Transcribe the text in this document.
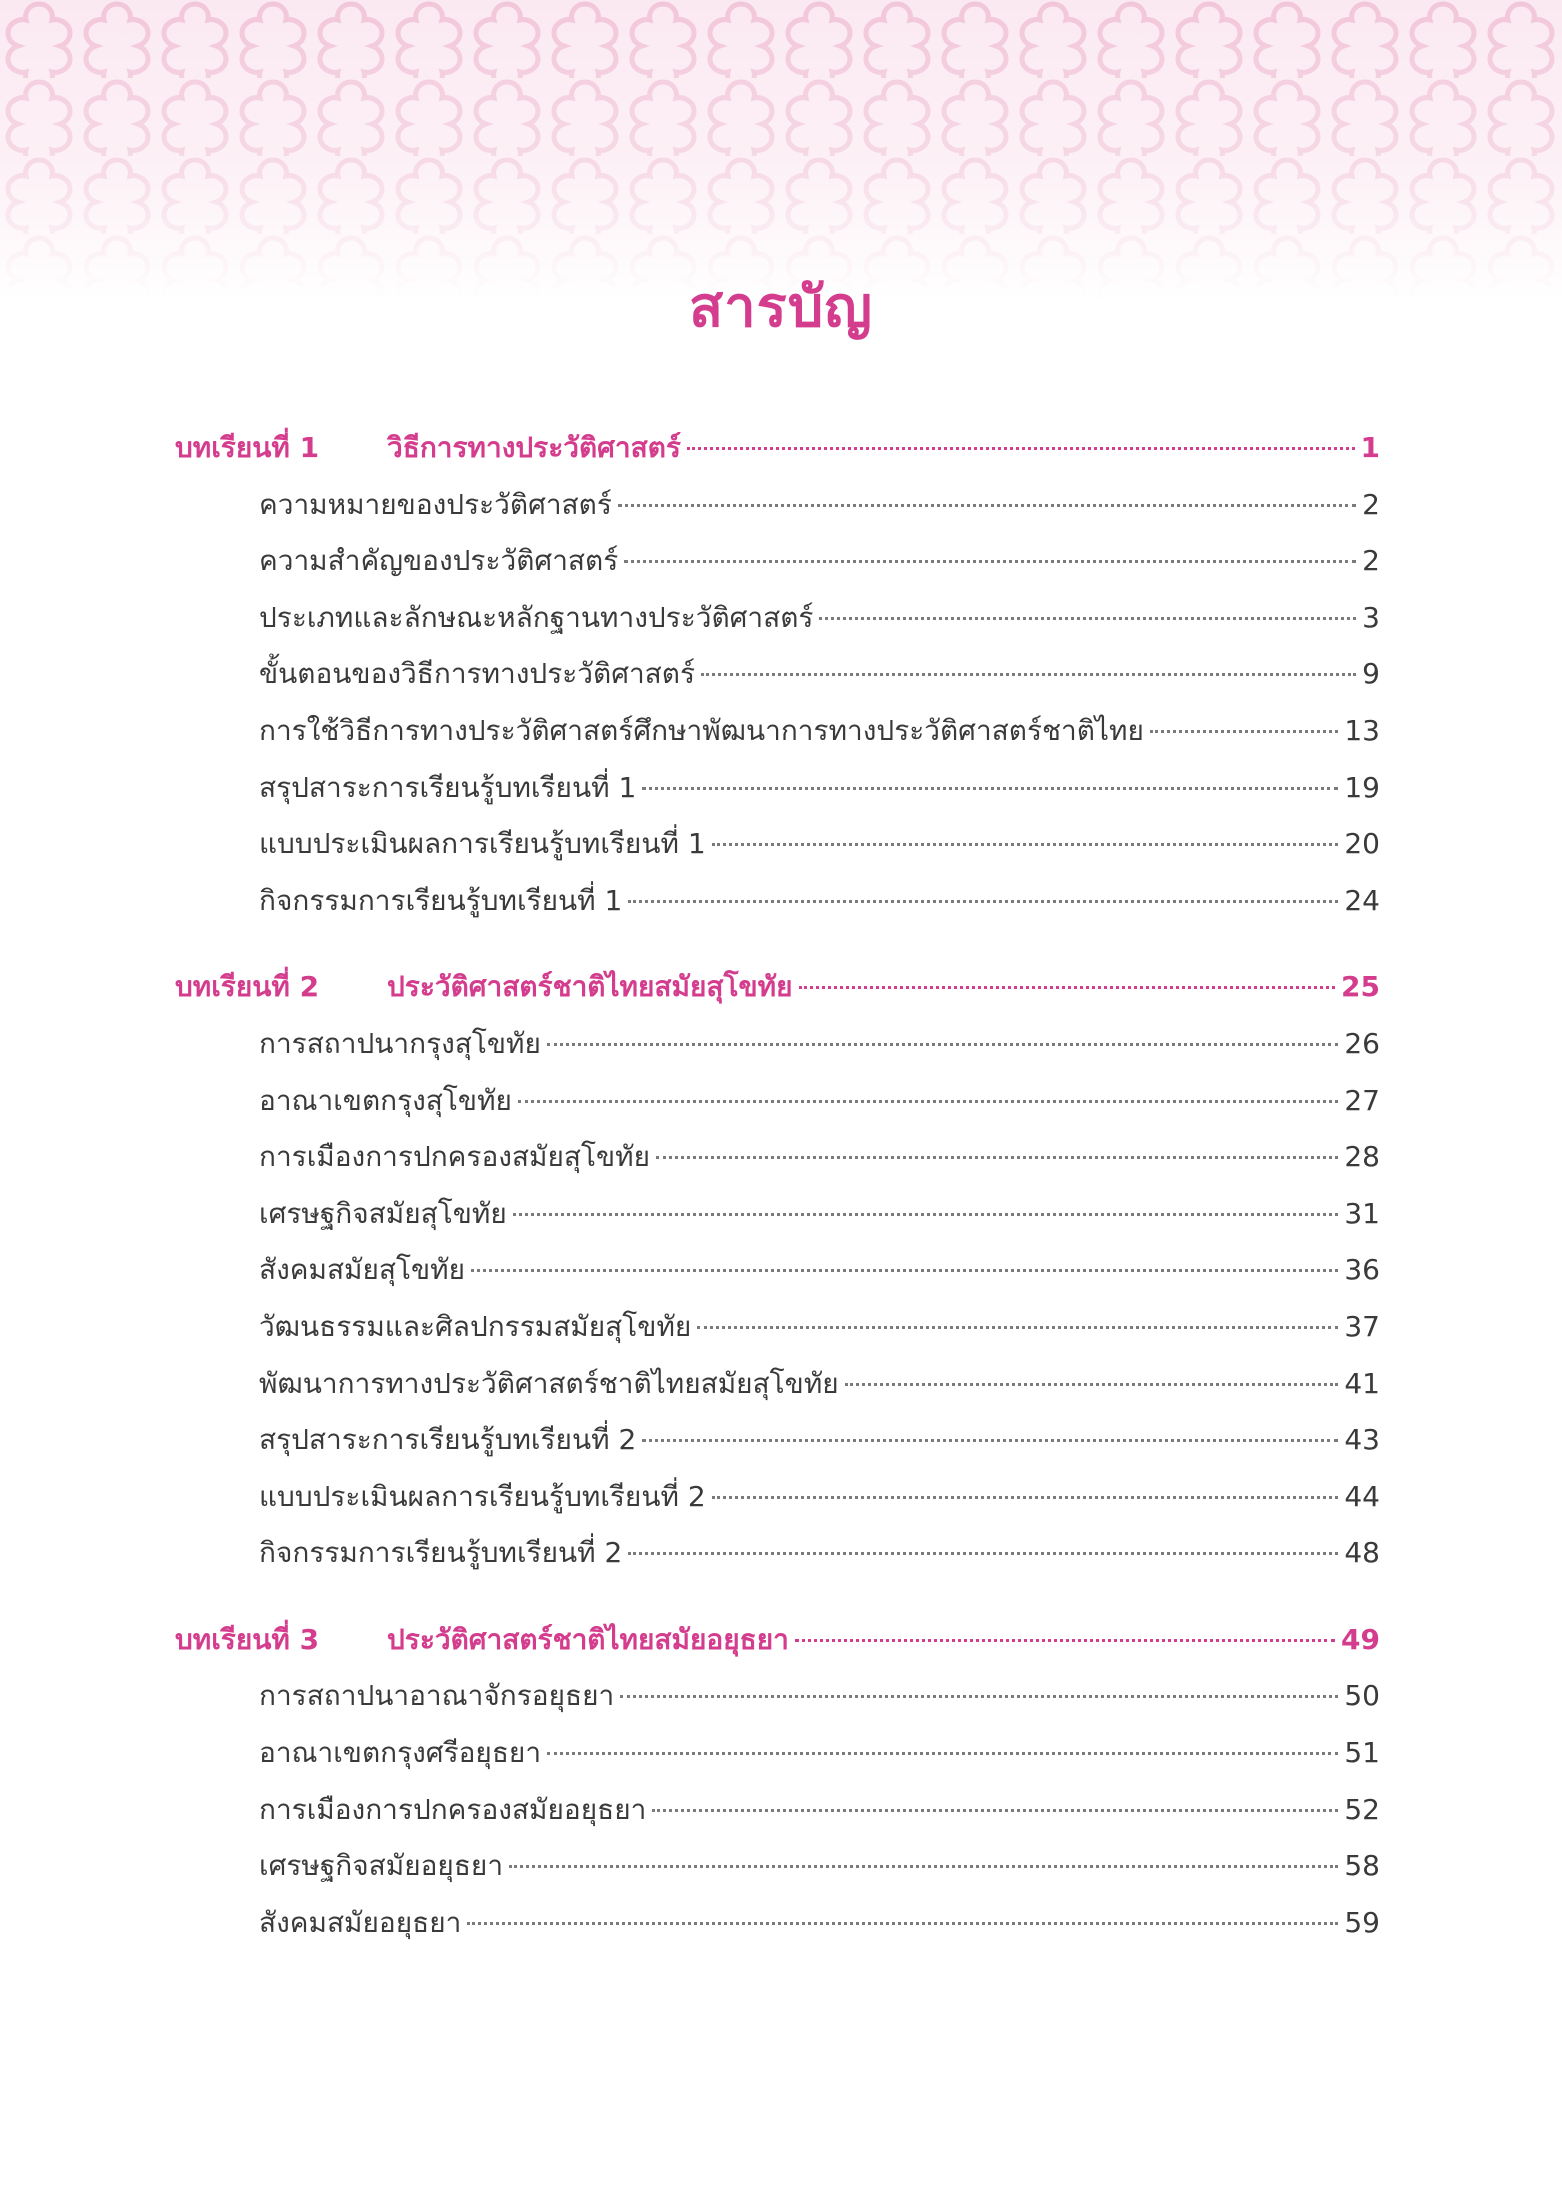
สารบัญ
บทเรียนที่ 1	วิธีการทางประวัติศาสตร์	1
ความหมายของประวัติศาสตร์	2
ความสำคัญของประวัติศาสตร์	2
ประเภทและลักษณะหลักฐานทางประวัติศาสตร์	3
ขั้นตอนของวิธีการทางประวัติศาสตร์	9
การใช้วิธีการทางประวัติศาสตร์ศึกษาพัฒนาการทางประวัติศาสตร์ชาติไทย	13
สรุปสาระการเรียนรู้บทเรียนที่ 1	19
แบบประเมินผลการเรียนรู้บทเรียนที่ 1	20
กิจกรรมการเรียนรู้บทเรียนที่ 1	24
บทเรียนที่ 2	ประวัติศาสตร์ชาติไทยสมัยสุโขทัย	25
การสถาปนากรุงสุโขทัย	26
อาณาเขตกรุงสุโขทัย	27
การเมืองการปกครองสมัยสุโขทัย	28
เศรษฐกิจสมัยสุโขทัย	31
สังคมสมัยสุโขทัย	36
วัฒนธรรมและศิลปกรรมสมัยสุโขทัย	37
พัฒนาการทางประวัติศาสตร์ชาติไทยสมัยสุโขทัย	41
สรุปสาระการเรียนรู้บทเรียนที่ 2	43
แบบประเมินผลการเรียนรู้บทเรียนที่ 2	44
กิจกรรมการเรียนรู้บทเรียนที่ 2	48
บทเรียนที่ 3	ประวัติศาสตร์ชาติไทยสมัยอยุธยา	49
การสถาปนาอาณาจักรอยุธยา	50
อาณาเขตกรุงศรีอยุธยา	51
การเมืองการปกครองสมัยอยุธยา	52
เศรษฐกิจสมัยอยุธยา	58
สังคมสมัยอยุธยา	59
